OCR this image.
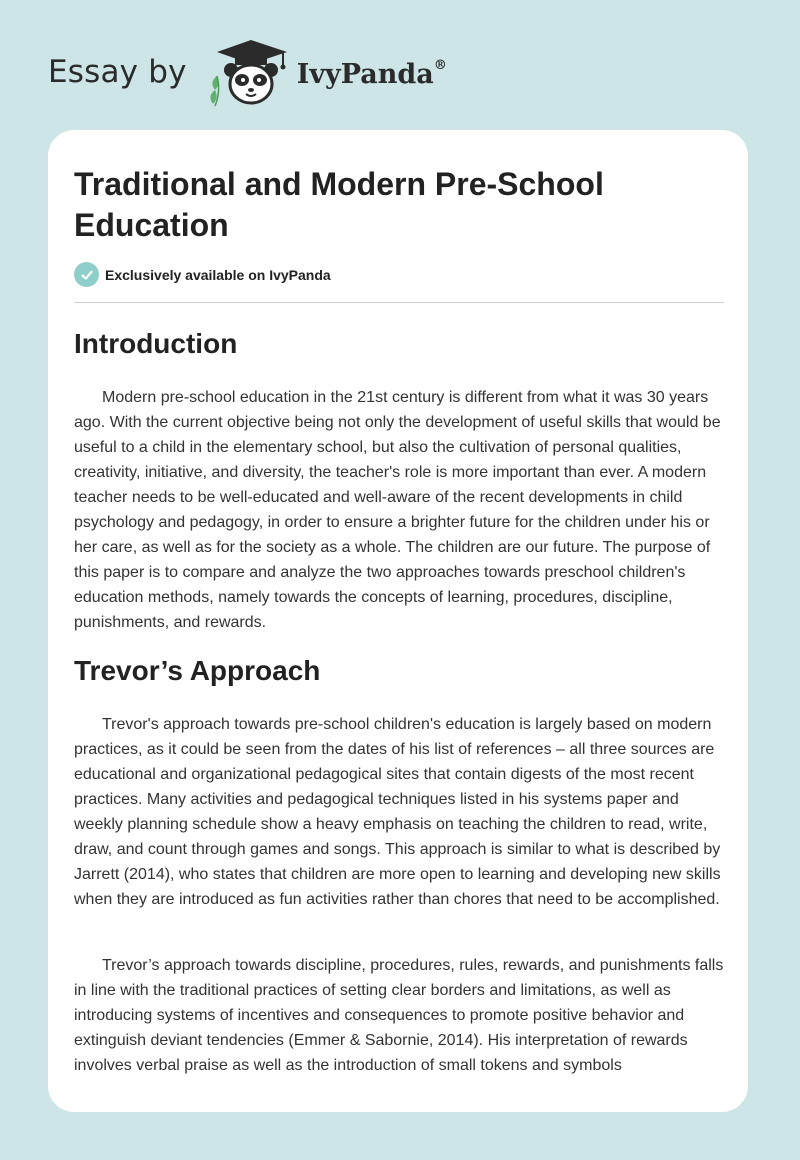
Essay by	IvyPanda®
Traditional and Modern Pre-School Education
Exclusively available on IvyPanda
Introduction

Modern pre-school education in the 21st century is different from what it was 30 years ago. With the current objective being not only the development of useful skills that would be useful to a child in the elementary school, but also the cultivation of personal qualities, creativity, initiative, and diversity, the teacher's role is more important than ever. A modern teacher needs to be well-educated and well-aware of the recent developments in child psychology and pedagogy, in order to ensure a brighter future for the children under his or her care, as well as for the society as a whole. The children are our future. The purpose of this paper is to compare and analyze the two approaches towards preschool children's education methods, namely towards the concepts of learning, procedures, discipline, punishments, and rewards.

Trevor’s Approach

Trevor's approach towards pre-school children's education is largely based on modern practices, as it could be seen from the dates of his list of references – all three sources are educational and organizational pedagogical sites that contain digests of the most recent practices. Many activities and pedagogical techniques listed in his systems paper and weekly planning schedule show a heavy emphasis on teaching the children to read, write, draw, and count through games and songs. This approach is similar to what is described by Jarrett (2014), who states that children are more open to learning and developing new skills when they are introduced as fun activities rather than chores that need to be accomplished.

Trevor’s approach towards discipline, procedures, rules, rewards, and punishments falls in line with the traditional practices of setting clear borders and limitations, as well as introducing systems of incentives and consequences to promote positive behavior and extinguish deviant tendencies (Emmer & Sabornie, 2014). His interpretation of rewards involves verbal praise as well as the introduction of small tokens and symbols
